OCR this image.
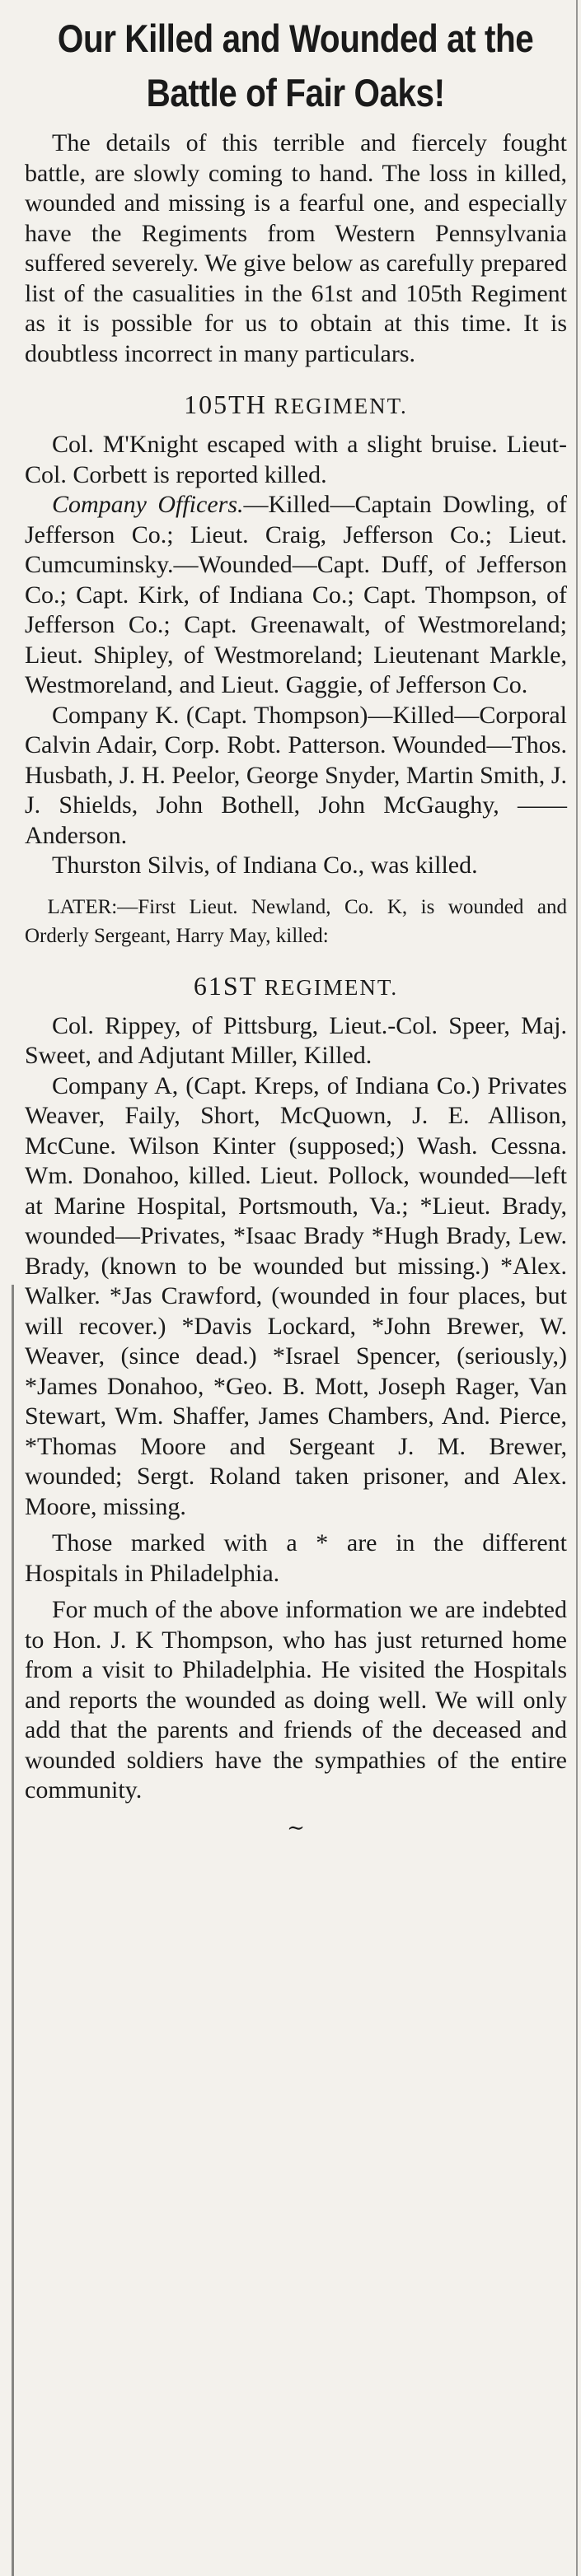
Our Killed and Wounded at the Battle of Fair Oaks!

The details of this terrible and fiercely fought battle, are slowly coming to hand. The loss in killed, wounded and missing is a fearful one, and especially have the Regiments from Western Pennsylvania suffered severely. We give below as carefully prepared list of the casualities in the 61st and 105th Regiment as it is possible for us to obtain at this time. It is doubtless incorrect in many particulars.

105TH REGIMENT.

Col. M'Knight escaped with a slight bruise. Lieut-Col. Corbett is reported killed.

Company Officers.—Killed—Captain Dowling, of Jefferson Co.; Lieut. Craig, Jefferson Co.; Lieut. Cumcuminsky.—Wounded—Capt. Duff, of Jefferson Co.; Capt. Kirk, of Indiana Co.; Capt. Thompson, of Jefferson Co.; Capt. Greenawalt, of Westmoreland; Lieut. Shipley, of Westmoreland; Lieutenant Markle, Westmoreland, and Lieut. Gaggie, of Jefferson Co.

Company K. (Capt. Thompson)—Killed—Corporal Calvin Adair, Corp. Robt. Patterson. Wounded—Thos. Husbath, J. H. Peelor, George Snyder, Martin Smith, J. J. Shields, John Bothell, John McGaughy, —— Anderson.

Thurston Silvis, of Indiana Co., was killed.

LATER:—First Lieut. Newland, Co. K, is wounded and Orderly Sergeant, Harry May, killed:

61ST REGIMENT.

Col. Rippey, of Pittsburg, Lieut.-Col. Speer, Maj. Sweet, and Adjutant Miller, Killed.

Company A, (Capt. Kreps, of Indiana Co.) Privates Weaver, Faily, Short, McQuown, J. E. Allison, McCune. Wilson Kinter (supposed;) Wash. Cessna. Wm. Donahoo, killed. Lieut. Pollock, wounded—left at Marine Hospital, Portsmouth, Va.; *Lieut. Brady, wounded—Privates, *Isaac Brady *Hugh Brady, Lew. Brady, (known to be wounded but missing.) *Alex. Walker. *Jas Crawford, (wounded in four places, but will recover.) *Davis Lockard, *John Brewer, W. Weaver, (since dead.) *Israel Spencer, (seriously,) *James Donahoo, *Geo. B. Mott, Joseph Rager, Van Stewart, Wm. Shaffer, James Chambers, And. Pierce, *Thomas Moore and Sergeant J. M. Brewer, wounded; Sergt. Roland taken prisoner, and Alex. Moore, missing.

Those marked with a * are in the different Hospitals in Philadelphia.

For much of the above information we are indebted to Hon. J. K Thompson, who has just returned home from a visit to Philadelphia. He visited the Hospitals and reports the wounded as doing well. We will only add that the parents and friends of the deceased and wounded soldiers have the sympathies of the entire community.

∼
